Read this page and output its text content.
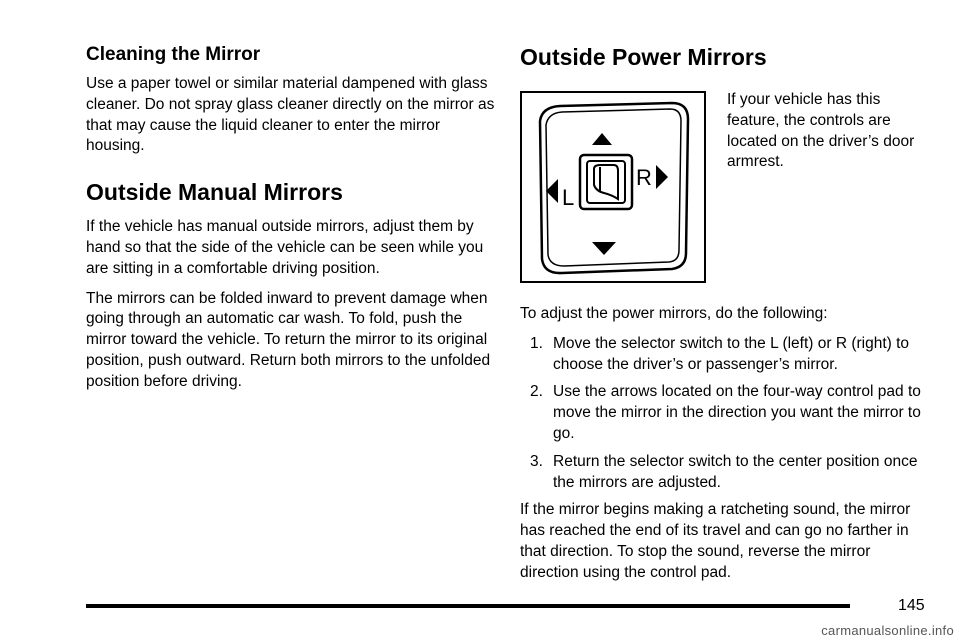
Cleaning the Mirror

Use a paper towel or similar material dampened with glass cleaner. Do not spray glass cleaner directly on the mirror as that may cause the liquid cleaner to enter the mirror housing.

Outside Manual Mirrors

If the vehicle has manual outside mirrors, adjust them by hand so that the side of the vehicle can be seen while you are sitting in a comfortable driving position.

The mirrors can be folded inward to prevent damage when going through an automatic car wash. To fold, push the mirror toward the vehicle. To return the mirror to its original position, push outward. Return both mirrors to the unfolded position before driving.

Outside Power Mirrors
L
R

If your vehicle has this feature, the controls are located on the driver’s door armrest.

To adjust the power mirrors, do the following:

1. Move the selector switch to the L (left) or R (right) to choose the driver’s or passenger’s mirror.
2. Use the arrows located on the four-way control pad to move the mirror in the direction you want the mirror to go.
3. Return the selector switch to the center position once the mirrors are adjusted.

If the mirror begins making a ratcheting sound, the mirror has reached the end of its travel and can go no farther in that direction. To stop the sound, reverse the mirror direction using the control pad.

145
carmanualsonline.info
